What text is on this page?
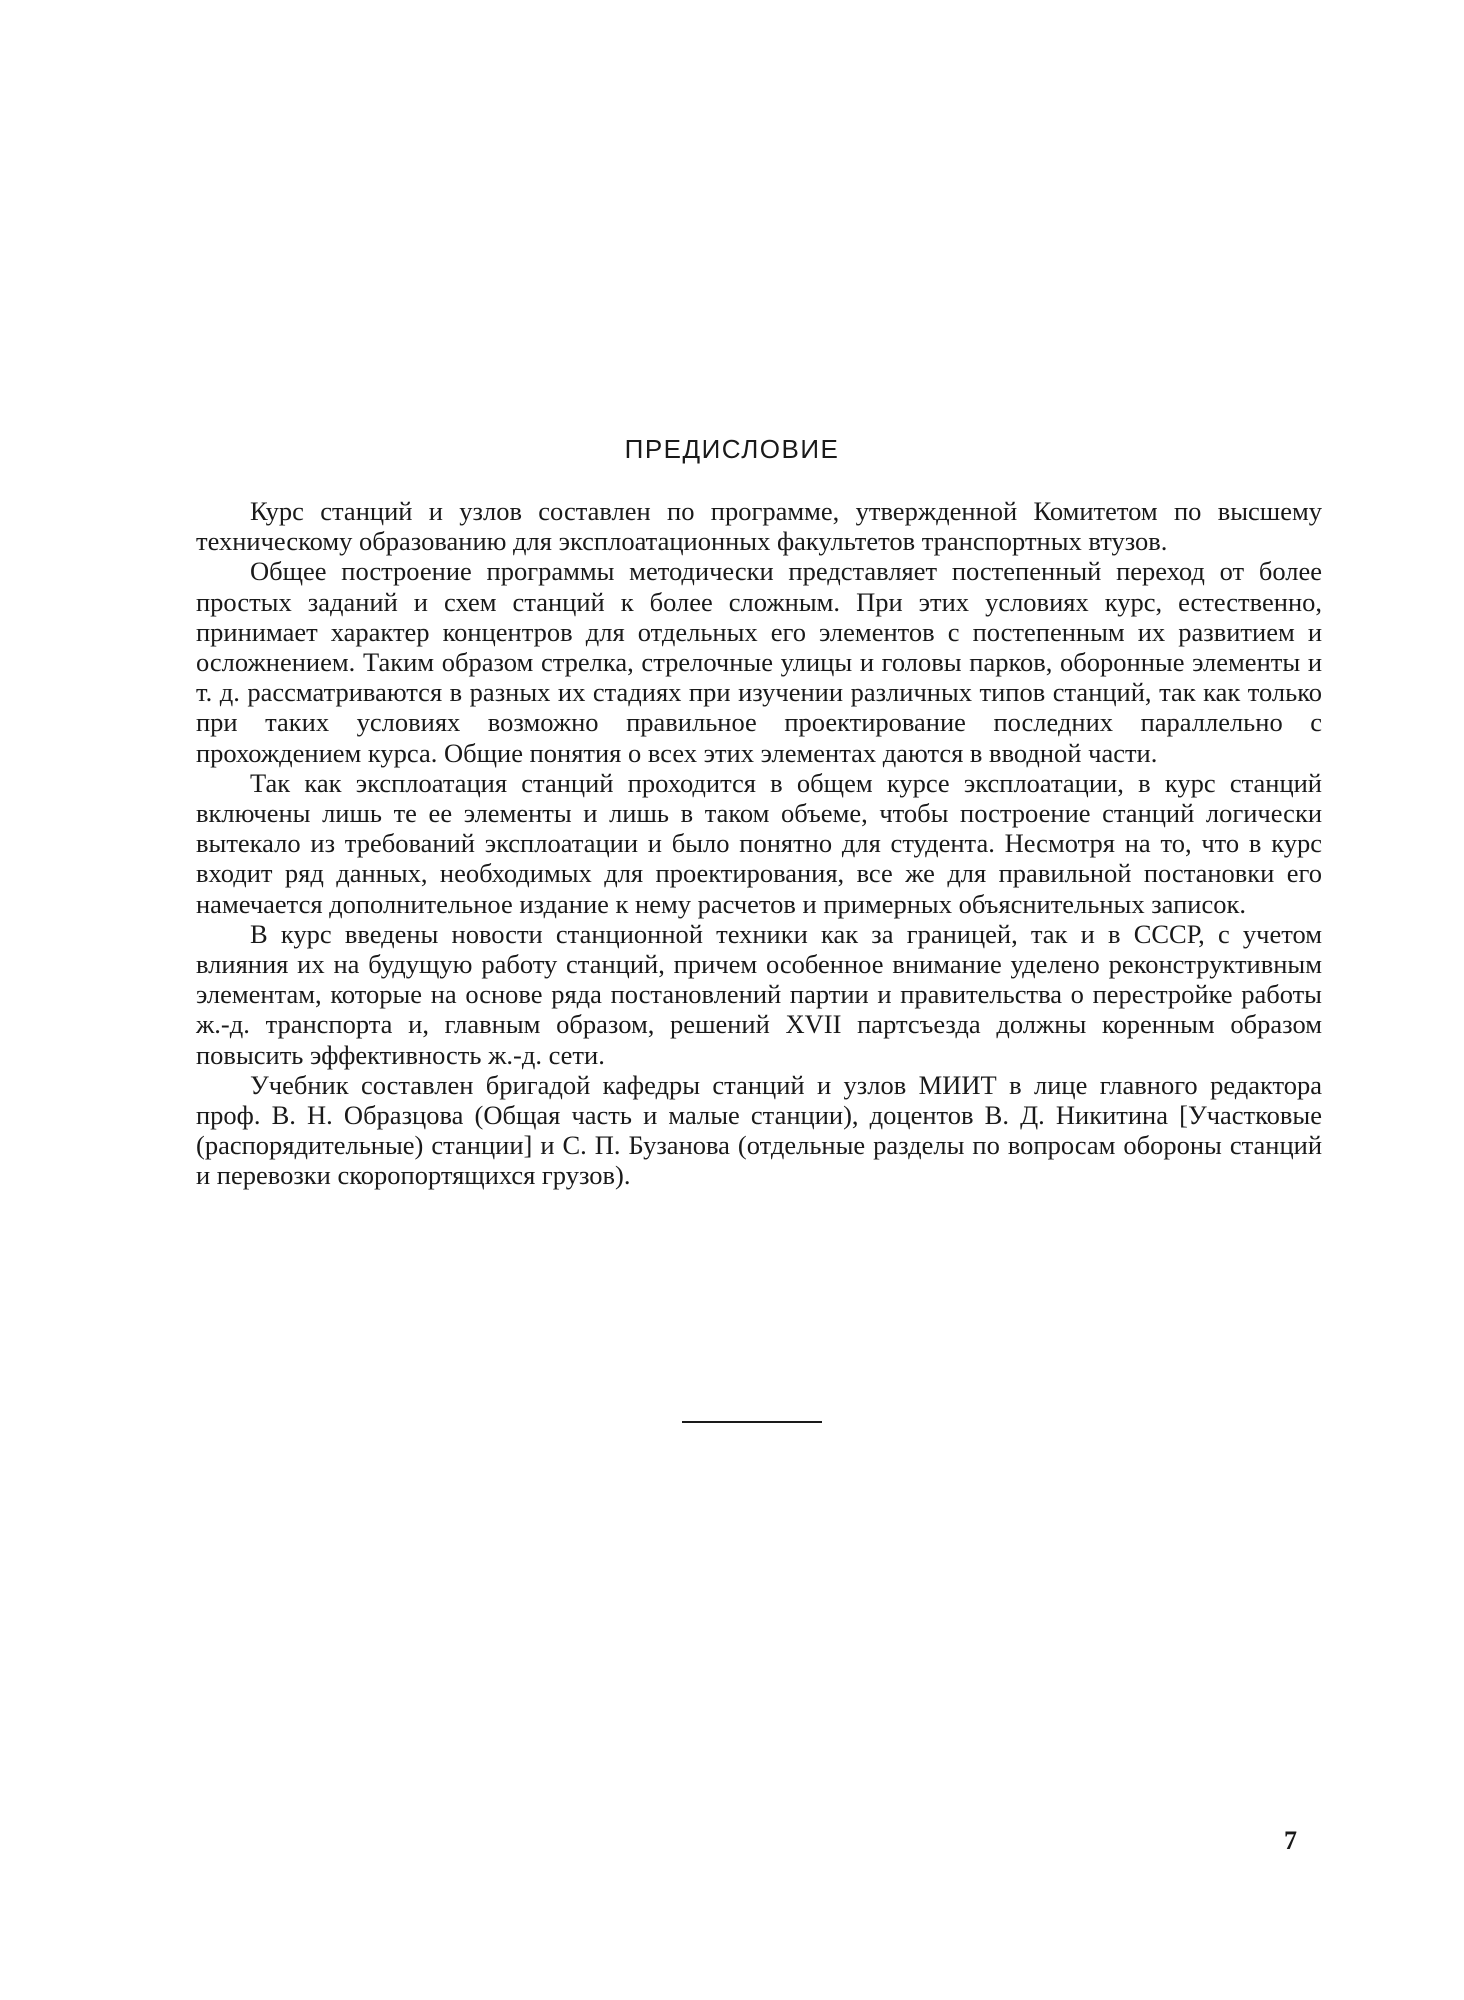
ПРЕДИСЛОВИЕ

Курс станций и узлов составлен по программе, утвержденной Комитетом по высшему техническому образованию для эксплоатационных факультетов транспортных втузов.

Общее построение программы методически представляет постепенный переход от более простых заданий и схем станций к более сложным. При этих условиях курс, естественно, принимает характер концентров для отдельных его элементов с постепенным их развитием и осложнением. Таким образом стрелка, стрелочные улицы и головы парков, оборонные элементы и т. д. рассматриваются в разных их стадиях при изучении различных типов станций, так как только при таких условиях возможно правильное проектирование последних параллельно с прохождением курса. Общие понятия о всех этих элементах даются в вводной части.

Так как эксплоатация станций проходится в общем курсе эксплоатации, в курс станций включены лишь те ее элементы и лишь в таком объеме, чтобы построение станций логически вытекало из требований эксплоатации и было понятно для студента. Несмотря на то, что в курс входит ряд данных, необходимых для проектирования, все же для правильной постановки его намечается дополнительное издание к нему расчетов и примерных объяснительных записок.

В курс введены новости станционной техники как за границей, так и в СССР, с учетом влияния их на будущую работу станций, причем особенное внимание уделено реконструктивным элементам, которые на основе ряда постановлений партии и правительства о перестройке работы ж.-д. транспорта и, главным образом, решений XVII партсъезда должны коренным образом повысить эффективность ж.-д. сети.

Учебник составлен бригадой кафедры станций и узлов МИИТ в лице главного редактора проф. В. Н. Образцова (Общая часть и малые станции), доцентов В. Д. Никитина [Участковые (распорядительные) станции] и С. П. Бузанова (отдельные разделы по вопросам обороны станций и перевозки скоропортящихся грузов).

7
